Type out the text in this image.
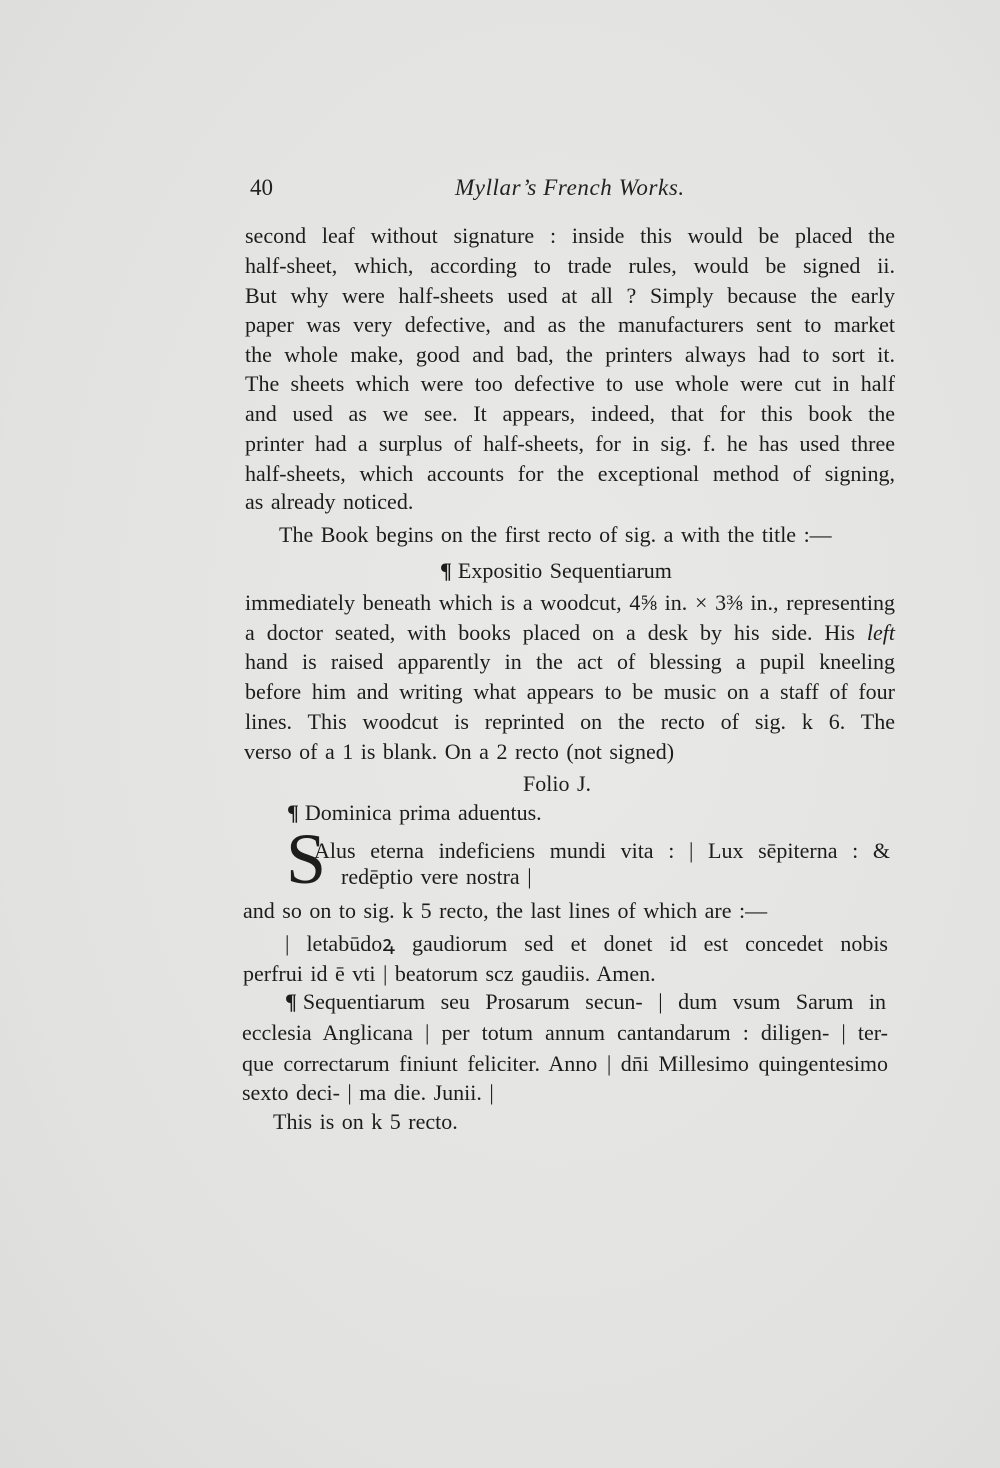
40	Myllar’s French Works.
second leaf without signature : inside this would be placed the
half-sheet, which, according to trade rules, would be signed ii.
But why were half-sheets used at all ? Simply because the early
paper was very defective, and as the manufacturers sent to market
the whole make, good and bad, the printers always had to sort it.
The sheets which were too defective to use whole were cut in half
and used as we see. It appears, indeed, that for this book the
printer had a surplus of half-sheets, for in sig. f. he has used three
half-sheets, which accounts for the exceptional method of signing,
as already noticed.
The Book begins on the first recto of sig. a with the title :—
¶ Expositio Sequentiarum
immediately beneath which is a woodcut, 4⅝ in. × 3⅜ in., representing
a doctor seated, with books placed on a desk by his side. His left
hand is raised apparently in the act of blessing a pupil kneeling
before him and writing what appears to be music on a staff of four
lines. This woodcut is reprinted on the recto of sig. k 6. The
verso of a 1 is blank. On a 2 recto (not signed)
Folio J.
¶ Dominica prima aduentus.
S
Alus eterna indeficiens mundi vita : | Lux sēpiterna : &
redēptio vere nostra |
and so on to sig. k 5 recto, the last lines of which are :—
| letabūdoꝝ gaudiorum sed et donet id est concedet nobis
perfrui id ē vti | beatorum scz gaudiis. Amen.
¶ Sequentiarum seu Prosarum secun- | dum vsum Sarum in
ecclesia Anglicana | per totum annum cantandarum : diligen- | ter-
que correctarum finiunt feliciter. Anno | dn̄i Millesimo quingentesimo
sexto deci- | ma die. Junii. |
This is on k 5 recto.
